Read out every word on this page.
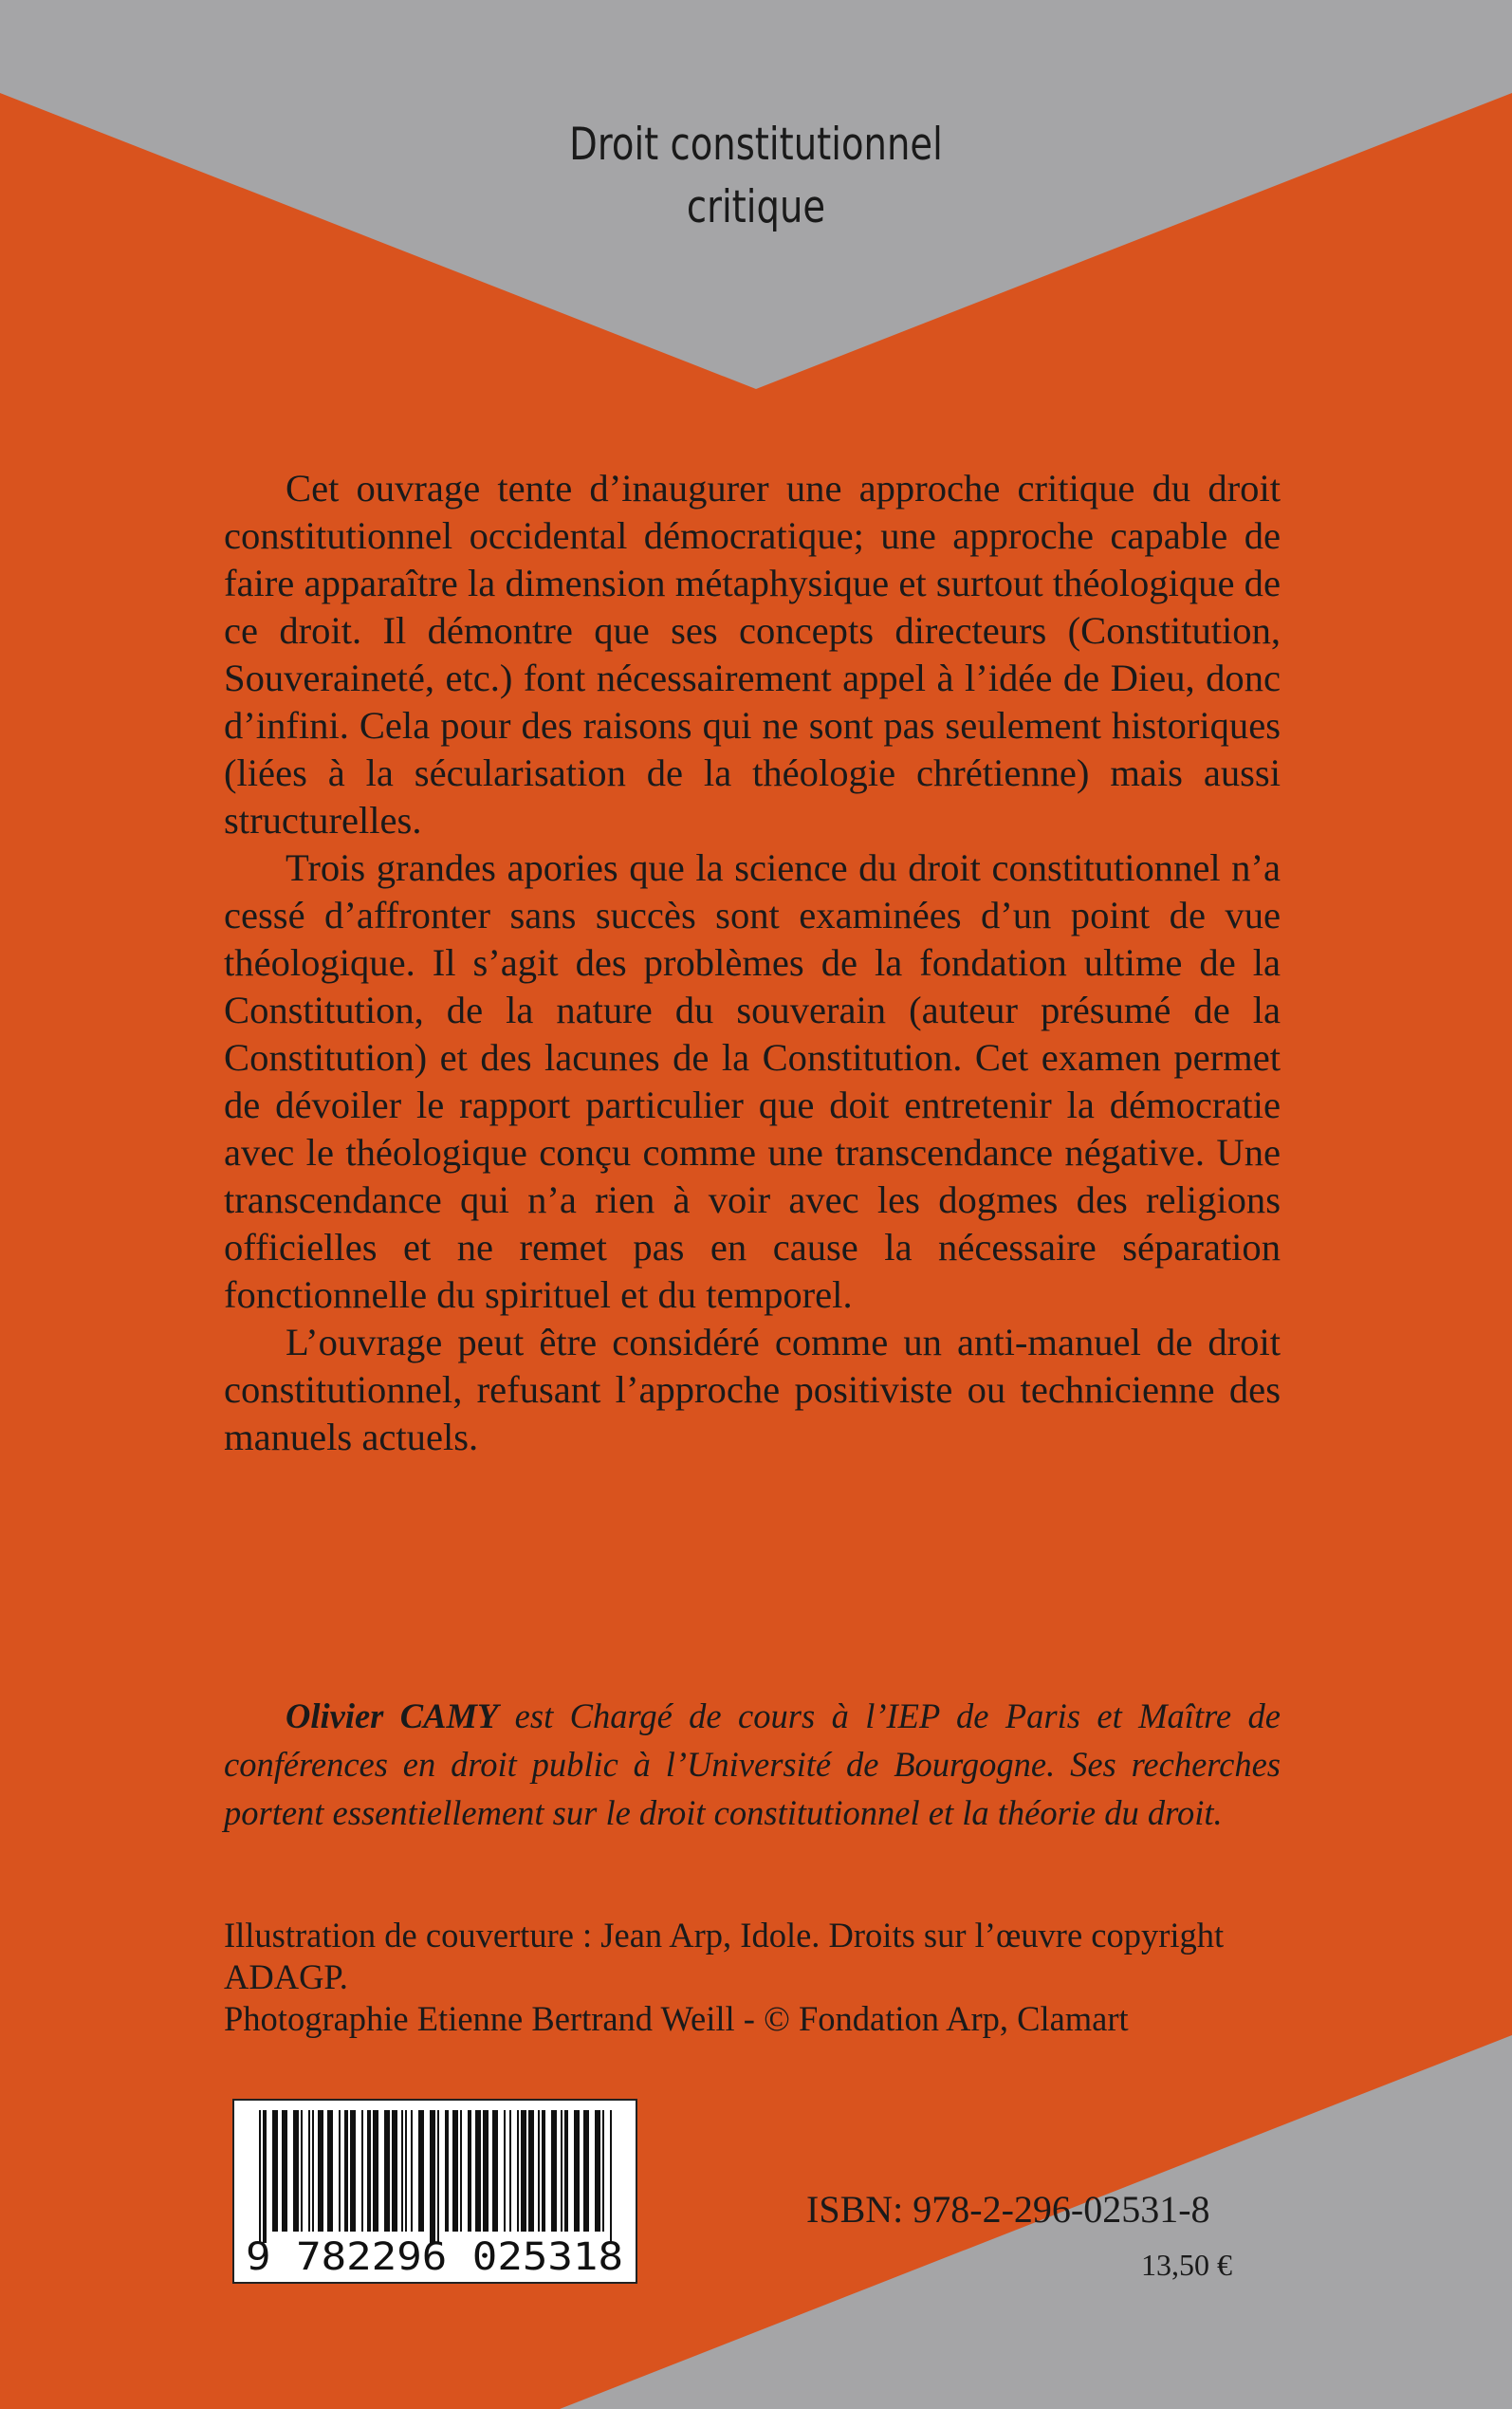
Droit constitutionnel
critique

Cet ouvrage tente d’inaugurer une approche critique du droit constitutionnel occidental démocratique; une approche capable de faire apparaître la dimension métaphysique et surtout théologique de ce droit. Il démontre que ses concepts directeurs (Constitution, Souveraineté, etc.) font nécessairement appel à l’idée de Dieu, donc d’infini. Cela pour des raisons qui ne sont pas seulement historiques (liées à la sécularisation de la théologie chrétienne) mais aussi structurelles.

Trois grandes apories que la science du droit constitutionnel n’a cessé d’affronter sans succès sont examinées d’un point de vue théologique. Il s’agit des problèmes de la fondation ultime de la Constitution, de la nature du souverain (auteur présumé de la Constitution) et des lacunes de la Constitution. Cet examen permet de dévoiler le rapport particulier que doit entretenir la démocratie avec le théologique conçu comme une transcendance négative. Une transcendance qui n’a rien à voir avec les dogmes des religions officielles et ne remet pas en cause la nécessaire séparation fonctionnelle du spirituel et du temporel.

L’ouvrage peut être considéré comme un anti-manuel de droit constitutionnel, refusant l’approche positiviste ou technicienne des manuels actuels.

Olivier CAMY est Chargé de cours à l’IEP de Paris et Maître de conférences en droit public à l’Université de Bourgogne. Ses recherches portent essentiellement sur le droit constitutionnel et la théorie du droit.

Illustration de couverture : Jean Arp, Idole. Droits sur l’œuvre copyright ADAGP.

Photographie Etienne Bertrand Weill - © Fondation Arp, Clamart

9 782296 025318
ISBN: 978-2-296-02531-8
13,50 €
